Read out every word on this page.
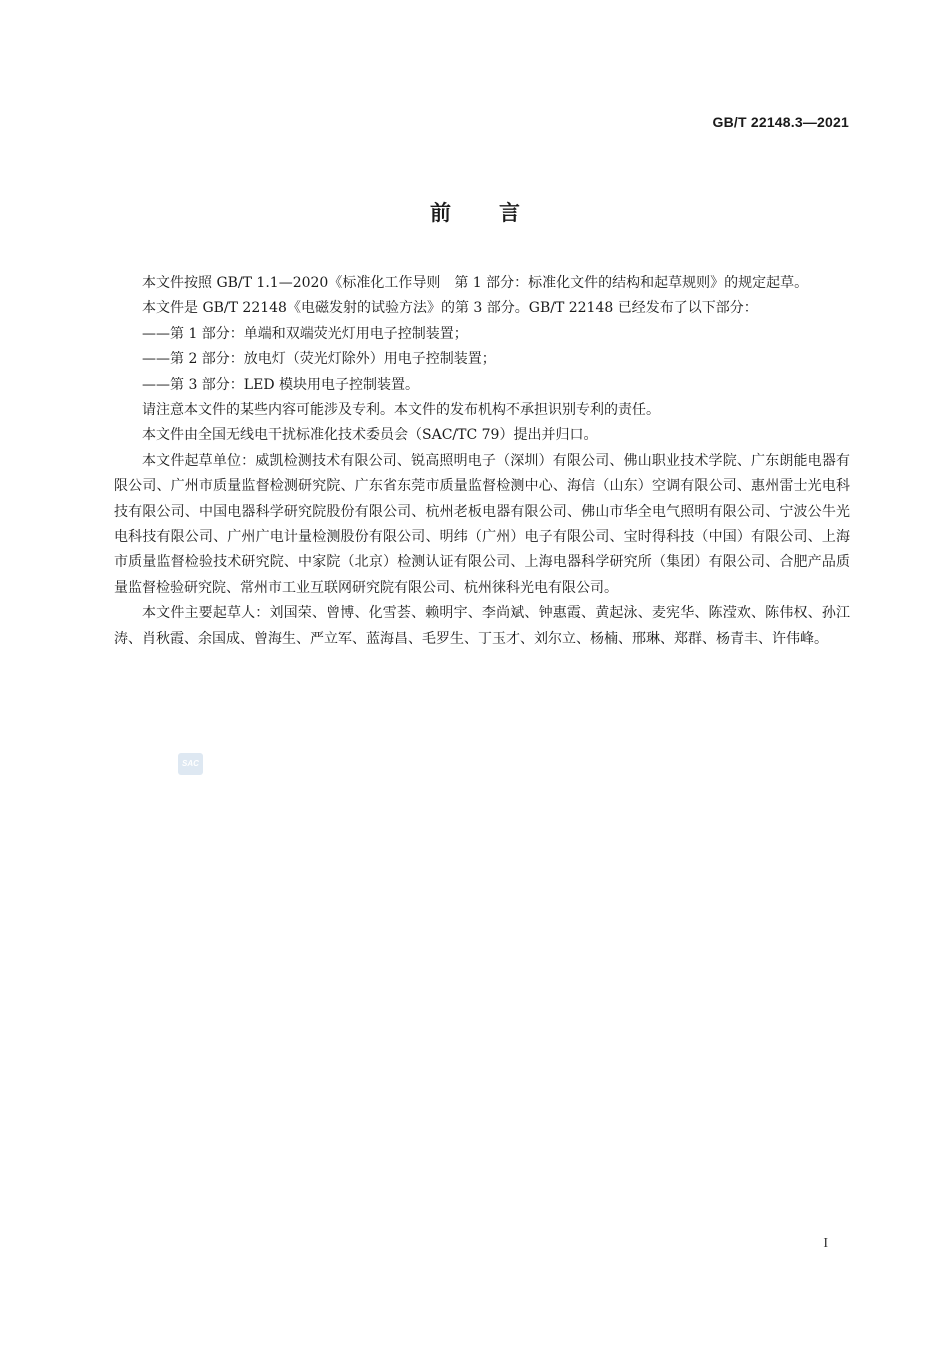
GB/T 22148.3—2021
前 言

本文件按照 GB/T 1.1—2020《标准化工作导则　第 1 部分：标准化文件的结构和起草规则》的规定起草。

本文件是 GB/T 22148《电磁发射的试验方法》的第 3 部分。GB/T 22148 已经发布了以下部分：

——第 1 部分：单端和双端荧光灯用电子控制装置；

——第 2 部分：放电灯（荧光灯除外）用电子控制装置；

——第 3 部分：LED 模块用电子控制装置。

请注意本文件的某些内容可能涉及专利。本文件的发布机构不承担识别专利的责任。

本文件由全国无线电干扰标准化技术委员会（SAC/TC 79）提出并归口。

本文件起草单位：威凯检测技术有限公司、锐高照明电子（深圳）有限公司、佛山职业技术学院、广东朗能电器有限公司、广州市质量监督检测研究院、广东省东莞市质量监督检测中心、海信（山东）空调有限公司、惠州雷士光电科技有限公司、中国电器科学研究院股份有限公司、杭州老板电器有限公司、佛山市华全电气照明有限公司、宁波公牛光电科技有限公司、广州广电计量检测股份有限公司、明纬（广州）电子有限公司、宝时得科技（中国）有限公司、上海市质量监督检验技术研究院、中家院（北京）检测认证有限公司、上海电器科学研究所（集团）有限公司、合肥产品质量监督检验研究院、常州市工业互联网研究院有限公司、杭州徕科光电有限公司。

本文件主要起草人：刘国荣、曾博、化雪荟、赖明宇、李尚斌、钟惠霞、黄起泳、麦宪华、陈滢欢、陈伟权、孙江涛、肖秋霞、余国成、曾海生、严立军、蓝海昌、毛罗生、丁玉才、刘尔立、杨楠、邢琳、郑群、杨青丰、许伟峰。

SAC
I
